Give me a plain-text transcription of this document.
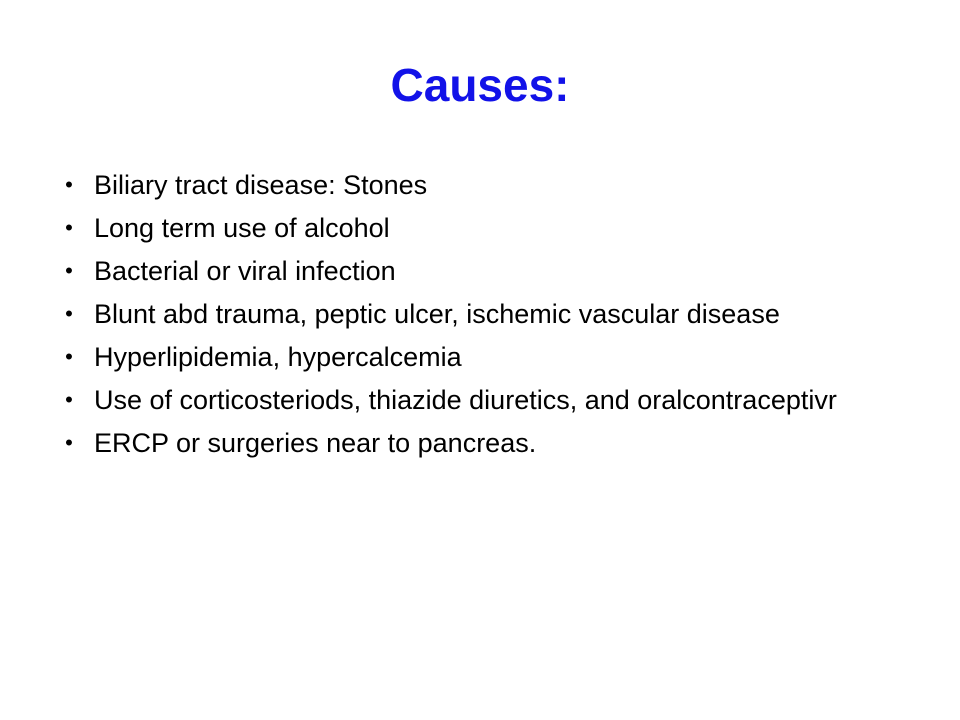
Causes:
• Biliary tract disease: Stones
• Long term use of alcohol
• Bacterial or viral infection
• Blunt abd trauma, peptic ulcer, ischemic vascular disease
• Hyperlipidemia, hypercalcemia
• Use of corticosteriods, thiazide diuretics, and oralcontraceptivr
• ERCP or surgeries near to pancreas.
